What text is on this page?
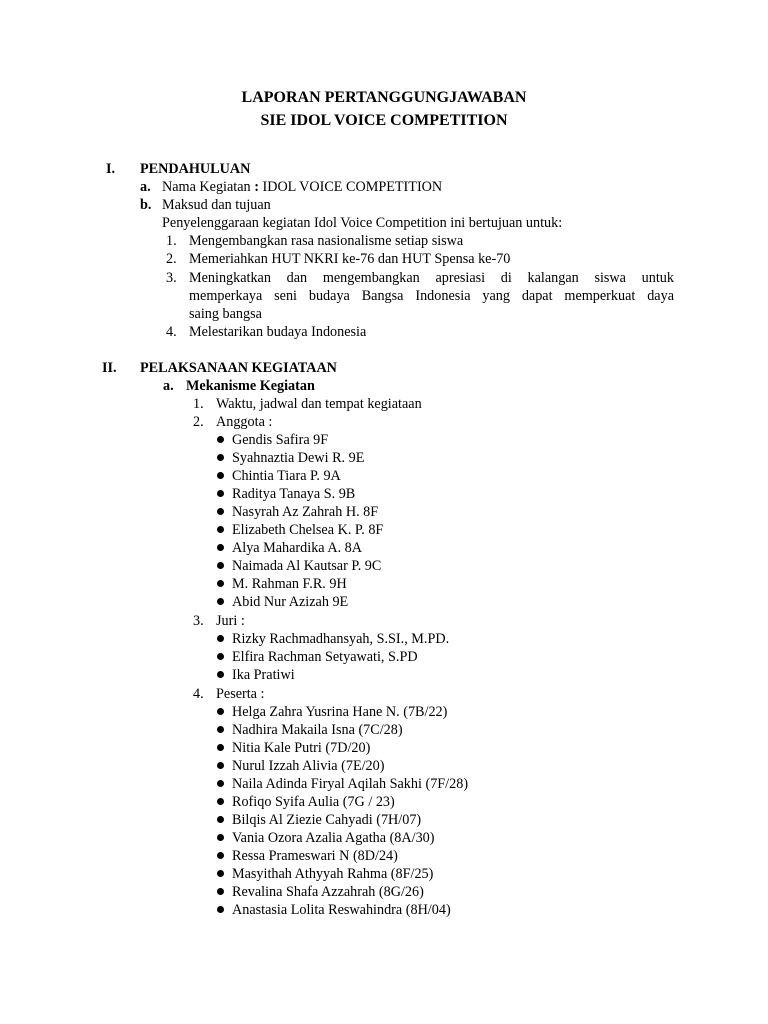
LAPORAN PERTANGGUNGJAWABAN
SIE IDOL VOICE COMPETITION
I. PENDAHULUAN
a. Nama Kegiatan : IDOL VOICE COMPETITION
b. Maksud dan tujuan
Penyelenggaraan kegiatan Idol Voice Competition ini bertujuan untuk:
1. Mengembangkan rasa nasionalisme setiap siswa
2. Memeriahkan HUT NKRI ke-76 dan HUT Spensa ke-70
3. Meningkatkan dan mengembangkan apresiasi di kalangan siswa untuk
memperkaya seni budaya Bangsa Indonesia yang dapat memperkuat daya
saing bangsa
4. Melestarikan budaya Indonesia
II. PELAKSANAAN KEGIATAAN
a. Mekanisme Kegiatan
1. Waktu, jadwal dan tempat kegiataan
2. Anggota :
Gendis Safira 9F
Syahnaztia Dewi R. 9E
Chintia Tiara P. 9A
Raditya Tanaya S. 9B
Nasyrah Az Zahrah H. 8F
Elizabeth Chelsea K. P. 8F
Alya Mahardika A. 8A
Naimada Al Kautsar P. 9C
M. Rahman F.R. 9H
Abid Nur Azizah 9E
3. Juri :
Rizky Rachmadhansyah, S.SI., M.PD.
Elfira Rachman Setyawati, S.PD
Ika Pratiwi
4. Peserta :
Helga Zahra Yusrina Hane N. (7B/22)
Nadhira Makaila Isna (7C/28)
Nitia Kale Putri (7D/20)
Nurul Izzah Alivia (7E/20)
Naila Adinda Firyal Aqilah Sakhi (7F/28)
Rofiqo Syifa Aulia (7G / 23)
Bilqis Al Ziezie Cahyadi (7H/07)
Vania Ozora Azalia Agatha (8A/30)
Ressa Prameswari N (8D/24)
Masyithah Athyyah Rahma (8F/25)
Revalina Shafa Azzahrah (8G/26)
Anastasia Lolita Reswahindra (8H/04)
